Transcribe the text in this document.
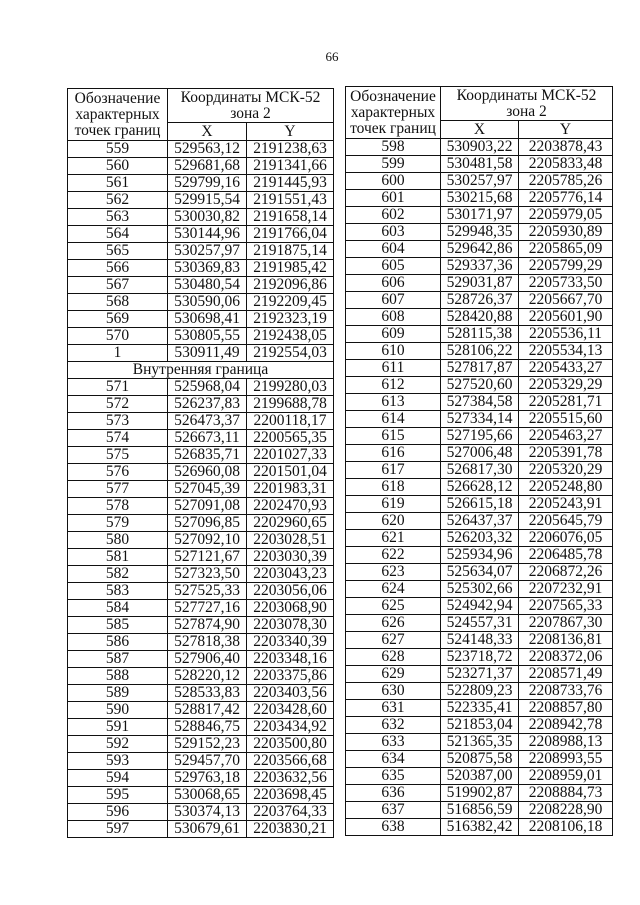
66
Обозначение
характерных
точек границ	Координаты МСК-52
зона 2	

	X	Y
559	529563,12	2191238,63
560	529681,68	2191341,66
561	529799,16	2191445,93
562	529915,54	2191551,43
563	530030,82	2191658,14
564	530144,96	2191766,04
565	530257,97	2191875,14
566	530369,83	2191985,42
567	530480,54	2192096,86
568	530590,06	2192209,45
569	530698,41	2192323,19
570	530805,55	2192438,05
1	530911,49	2192554,03
Внутренняя граница		
571	525968,04	2199280,03
572	526237,83	2199688,78
573	526473,37	2200118,17
574	526673,11	2200565,35
575	526835,71	2201027,33
576	526960,08	2201501,04
577	527045,39	2201983,31
578	527091,08	2202470,93
579	527096,85	2202960,65
580	527092,10	2203028,51
581	527121,67	2203030,39
582	527323,50	2203043,23
583	527525,33	2203056,06
584	527727,16	2203068,90
585	527874,90	2203078,30
586	527818,38	2203340,39
587	527906,40	2203348,16
588	528220,12	2203375,86
589	528533,83	2203403,56
590	528817,42	2203428,60
591	528846,75	2203434,92
592	529152,23	2203500,80
593	529457,70	2203566,68
594	529763,18	2203632,56
595	530068,65	2203698,45
596	530374,13	2203764,33
597	530679,61	2203830,21
Обозначение
характерных
точек границ	Координаты МСК-52
зона 2	

	X	Y
598	530903,22	2203878,43
599	530481,58	2205833,48
600	530257,97	2205785,26
601	530215,68	2205776,14
602	530171,97	2205979,05
603	529948,35	2205930,89
604	529642,86	2205865,09
605	529337,36	2205799,29
606	529031,87	2205733,50
607	528726,37	2205667,70
608	528420,88	2205601,90
609	528115,38	2205536,11
610	528106,22	2205534,13
611	527817,87	2205433,27
612	527520,60	2205329,29
613	527384,58	2205281,71
614	527334,14	2205515,60
615	527195,66	2205463,27
616	527006,48	2205391,78
617	526817,30	2205320,29
618	526628,12	2205248,80
619	526615,18	2205243,91
620	526437,37	2205645,79
621	526203,32	2206076,05
622	525934,96	2206485,78
623	525634,07	2206872,26
624	525302,66	2207232,91
625	524942,94	2207565,33
626	524557,31	2207867,30
627	524148,33	2208136,81
628	523718,72	2208372,06
629	523271,37	2208571,49
630	522809,23	2208733,76
631	522335,41	2208857,80
632	521853,04	2208942,78
633	521365,35	2208988,13
634	520875,58	2208993,55
635	520387,00	2208959,01
636	519902,87	2208884,73
637	516856,59	2208228,90
638	516382,42	2208106,18
